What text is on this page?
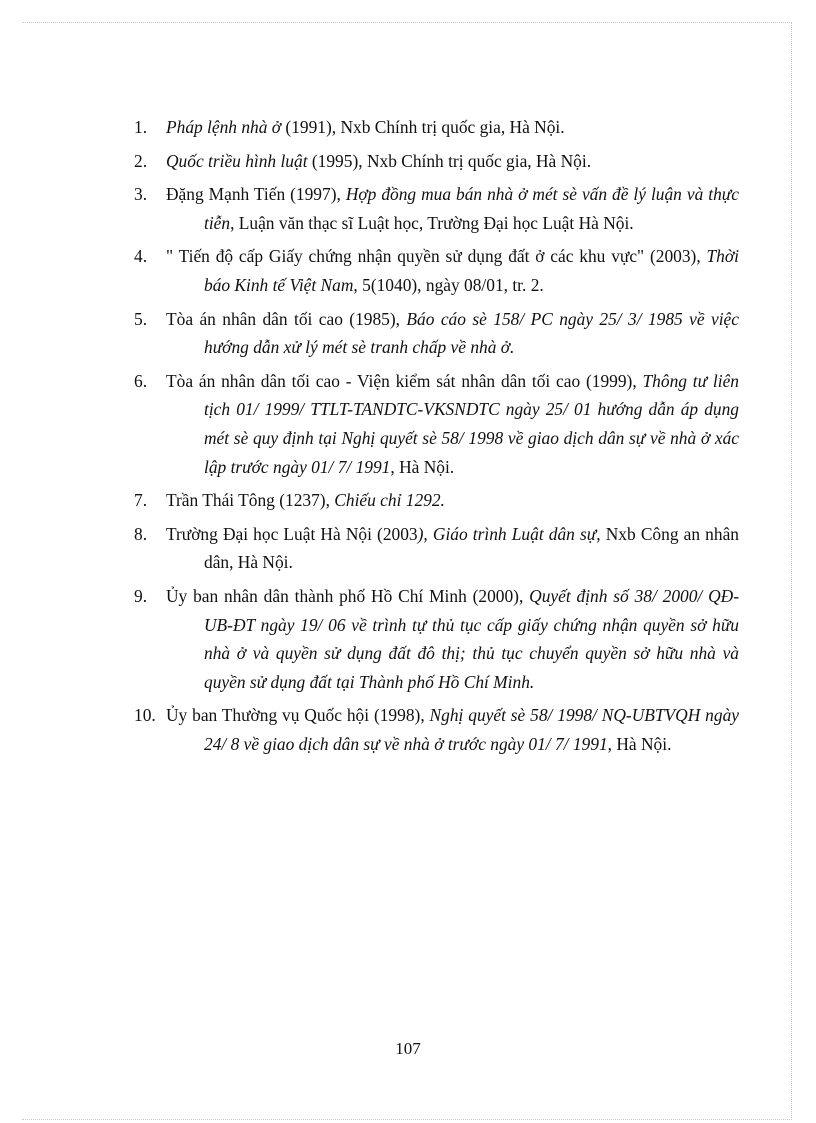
1.	Pháp lệnh nhà ở (1991), Nxb Chính trị quốc gia, Hà Nội.
2.	Quốc triều hình luật (1995), Nxb Chính trị quốc gia, Hà Nội.
3.	Đặng Mạnh Tiến (1997), Hợp đồng mua bán nhà ở mét sè vấn đề lý luận và thực tiễn, Luận văn thạc sĩ Luật học, Trường Đại học Luật Hà Nội.
4.	" Tiến độ cấp Giấy chứng nhận quyền sử dụng đất ở các khu vực" (2003), Thời báo Kinh tế Việt Nam, 5(1040), ngày 08/01, tr. 2.
5.	Tòa án nhân dân tối cao (1985), Báo cáo sè 158/ PC ngày 25/ 3/ 1985 về việc hướng dẫn xử lý mét sè tranh chấp về nhà ở.
6.	Tòa án nhân dân tối cao - Viện kiểm sát nhân dân tối cao (1999), Thông tư liên tịch 01/ 1999/ TTLT-TANDTC-VKSNDTC ngày 25/ 01 hướng dẫn áp dụng mét sè quy định tại Nghị quyết sè 58/ 1998 về giao dịch dân sự về nhà ở xác lập trước ngày 01/ 7/ 1991, Hà Nội.
7.	Trần Thái Tông (1237), Chiếu chỉ 1292.
8.	Trường Đại học Luật Hà Nội (2003), Giáo trình Luật dân sự, Nxb Công an nhân dân, Hà Nội.
9.	Ủy ban nhân dân thành phố Hồ Chí Minh (2000), Quyết định số 38/ 2000/ QĐ-UB-ĐT ngày 19/ 06 về trình tự thủ tục cấp giấy chứng nhận quyền sở hữu nhà ở và quyền sử dụng đất đô thị; thủ tục chuyển quyền sở hữu nhà và quyền sử dụng đất tại Thành phố Hồ Chí Minh.
10. Ủy ban Thường vụ Quốc hội (1998), Nghị quyết sè 58/ 1998/ NQ-UBTVQH ngày 24/ 8 về giao dịch dân sự về nhà ở trước ngày 01/ 7/ 1991, Hà Nội.
107
